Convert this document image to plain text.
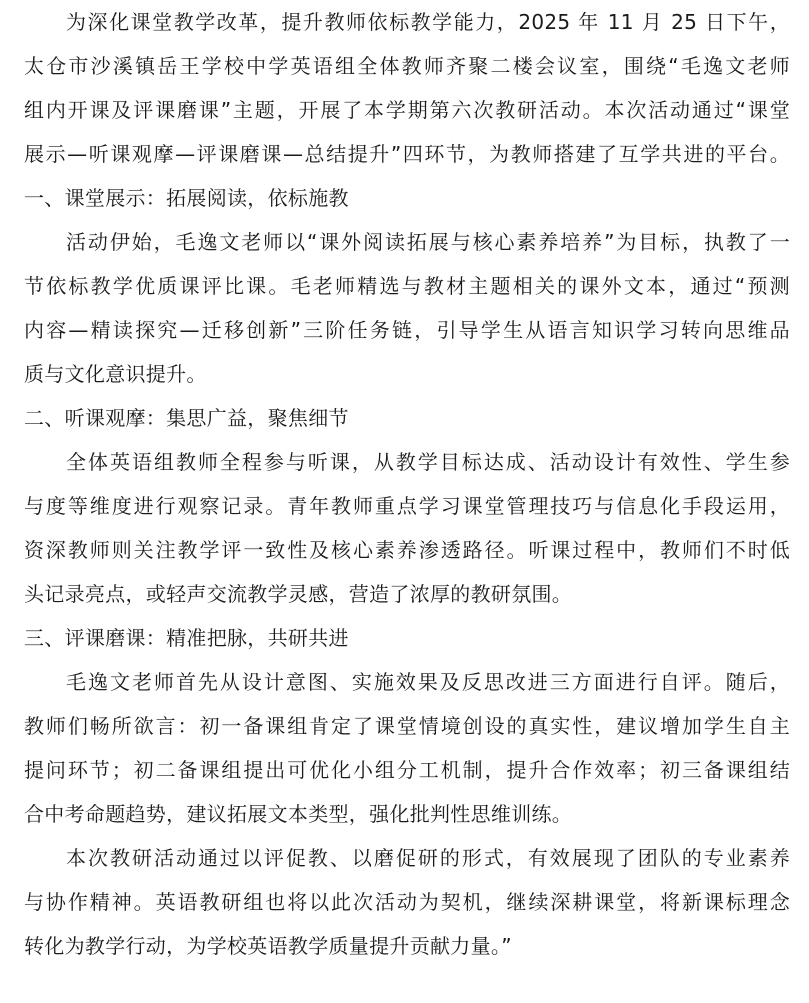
为深化课堂教学改革，提升教师依标教学能力，2025 年 11 月 25 日下午，
太仓市沙溪镇岳王学校中学英语组全体教师齐聚二楼会议室，围绕“毛逸文老师
组内开课及评课磨课”主题，开展了本学期第六次教研活动。本次活动通过“课堂
展示—听课观摩—评课磨课—总结提升”四环节，为教师搭建了互学共进的平台。
一、课堂展示：拓展阅读，依标施教
活动伊始，毛逸文老师以“课外阅读拓展与核心素养培养”为目标，执教了一
节依标教学优质课评比课。毛老师精选与教材主题相关的课外文本，通过“预测
内容—精读探究—迁移创新”三阶任务链，引导学生从语言知识学习转向思维品
质与文化意识提升。
二、听课观摩：集思广益，聚焦细节
全体英语组教师全程参与听课，从教学目标达成、活动设计有效性、学生参
与度等维度进行观察记录。青年教师重点学习课堂管理技巧与信息化手段运用，
资深教师则关注教学评一致性及核心素养渗透路径。听课过程中，教师们不时低
头记录亮点，或轻声交流教学灵感，营造了浓厚的教研氛围。
三、评课磨课：精准把脉，共研共进
毛逸文老师首先从设计意图、实施效果及反思改进三方面进行自评。随后，
教师们畅所欲言：初一备课组肯定了课堂情境创设的真实性，建议增加学生自主
提问环节；初二备课组提出可优化小组分工机制，提升合作效率；初三备课组结
合中考命题趋势，建议拓展文本类型，强化批判性思维训练。
本次教研活动通过以评促教、以磨促研的形式，有效展现了团队的专业素养
与协作精神。英语教研组也将以此次活动为契机，继续深耕课堂，将新课标理念
转化为教学行动，为学校英语教学质量提升贡献力量。”
